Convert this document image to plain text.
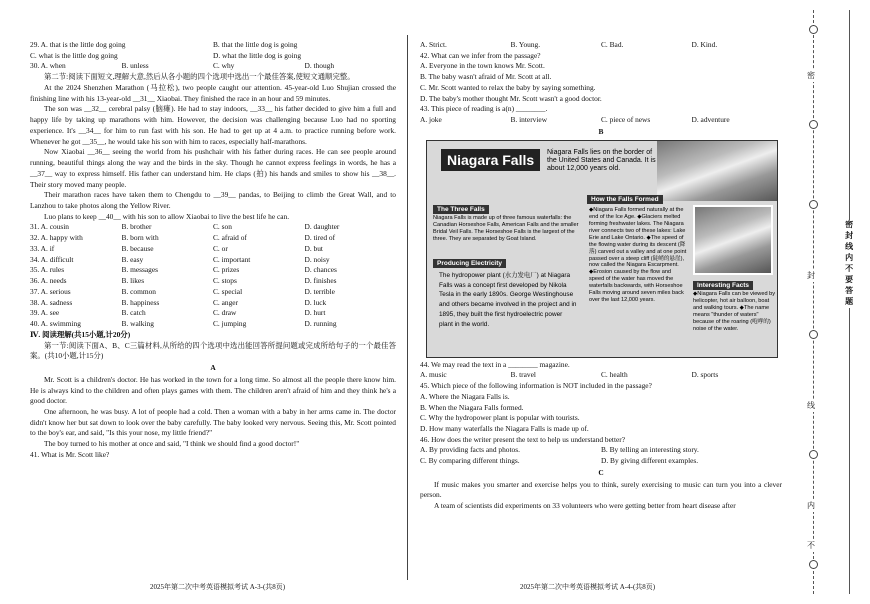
29. A. that is the little dog going	B. that the little dog is going
C. what is the little dog going	D. what the little dog is going
30. A. when	B. unless	C. why	D. though
第二节:阅读下面短文,理解大意,然后从各小题的四个选项中选出一个最佳答案,使短文通顺完整。
At the 2024 Shenzhen Marathon (马拉松), two people caught our attention. 45-year-old Luo Shujian crossed the finishing line with his 13-year-old __31__ Xiaobai. They finished the race in an hour and 59 minutes.
The son was __32__ cerebral palsy (脑瘫). He had to stay indoors, __33__ his father decided to give him a full and happy life by taking up marathons with him. However, the decision was challenging because Luo had no sporting experience. It's __34__ for him to run fast with his son. He had to get up at 4 a.m. to practice running before work. Whenever he got __35__, he would take his son with him to races, especially half-marathons.
Now Xiaobai __36__ seeing the world from his pushchair with his father during races. He can see people around running, beautiful things along the way and the birds in the sky. Though he cannot express feelings in words, he has a __37__ way to express himself. His father can understand him. He claps (拍) his hands and smiles to show his __38__. Their story moved many people.
Their marathon races have taken them to Chengdu to __39__ pandas, to Beijing to climb the Great Wall, and to Lanzhou to take photos along the Yellow River.
Luo plans to keep __40__ with his son to allow Xiaobai to live the best life he can.
31. A. cousin	B. brother	C. son	D. daughter
32. A. happy with	B. born with	C. afraid of	D. tired of
33. A. if	B. because	C. or	D. but
34. A. difficult	B. easy	C. important	D. noisy
35. A. rules	B. messages	C. prizes	D. chances
36. A. needs	B. likes	C. stops	D. finishes
37. A. serious	B. common	C. special	D. terrible
38. A. sadness	B. happiness	C. anger	D. luck
39. A. see	B. catch	C. draw	D. hurt
40. A. swimming	B. walking	C. jumping	D. running
Ⅳ. 阅读理解(共15小题,计20分)
第一节:阅读下面A、B、C三篇材料,从所给的四个选项中选出能回答所提问题或完成所给句子的一个最佳答案。(共10小题,计15分)
A
Mr. Scott is a children's doctor. He has worked in the town for a long time. So almost all the people there know him. He is always kind to the children and often plays games with them. The children aren't afraid of him and they think he's a good doctor.
One afternoon, he was busy. A lot of people had a cold. Then a woman with a baby in her arms came in. The doctor didn't know her but sat down to look over the baby carefully. The baby looked very nervous. Seeing this, Mr. Scott pointed to the boy's ear, and said, "Is this your nose, my little friend?"
The boy turned to his mother at once and said, "I think we should find a good doctor!"
41. What is Mr. Scott like?
A. Strict.	B. Young.	C. Bad.	D. Kind.
42. What can we infer from the passage?
A. Everyone in the town knows Mr. Scott.
B. The baby wasn't afraid of Mr. Scott at all.
C. Mr. Scott wanted to relax the baby by saying something.
D. The baby's mother thought Mr. Scott wasn't a good doctor.
43. This piece of reading is a(n) ________.
A. joke	B. interview	C. piece of news	D. adventure
B
Niagara Falls	Niagara Falls lies on the border of the United States and Canada. It is about 12,000 years old.
The Three Falls
Niagara Falls is made up of three famous waterfalls: the Canadian Horseshoe Falls, American Falls and the smaller Bridal Veil Falls. The Horseshoe Falls is the largest of the three. They are separated by Goat Island.
Producing Electricity
The hydropower plant (水力发电厂) at Niagara Falls was a concept first developed by Nikola Tesla in the early 1890s. George Westinghouse and others became involved in the project and in 1895, they built the first hydroelectric power plant in the world.
How the Falls Formed
◆Niagara Falls formed naturally at the end of the Ice Age. ◆Glaciers melted forming freshwater lakes. The Niagara river connects two of these lakes: Lake Erie and Lake Ontario. ◆The speed of the flowing water during its descent (降落) carved out a valley and at one point passed over a steep cliff (陡峭的悬崖), now called the Niagara Escarpment. ◆Erosion caused by the flow and speed of the water has moved the waterfalls backwards, with Horseshoe Falls moving around seven miles back over the last 12,000 years.
Interesting Facts
◆Niagara Falls can be viewed by helicopter, hot air balloon, boat and walking tours. ◆The name means "thunder of waters" because of the roaring (咆哮的) noise of the water.
44. We may read the text in a ________ magazine.
A. music	B. travel	C. health	D. sports
45. Which piece of the following information is NOT included in the passage?
A. Where the Niagara Falls is.
B. When the Niagara Falls formed.
C. Why the hydropower plant is popular with tourists.
D. How many waterfalls the Niagara Falls is made up of.
46. How does the writer present the text to help us understand better?
A. By providing facts and photos.	B. By telling an interesting story.
C. By comparing different things.	D. By giving different examples.
C
If music makes you smarter and exercise helps you to think, surely exercising to music can turn you into a clever person.
A team of scientists did experiments on 33 volunteers who were getting better from heart disease after
2025年第二次中考英语模拟考试 A-3-(共8页)	2025年第二次中考英语模拟考试 A-4-(共8页)
密
封
线
内
不
密封线内不要答题
